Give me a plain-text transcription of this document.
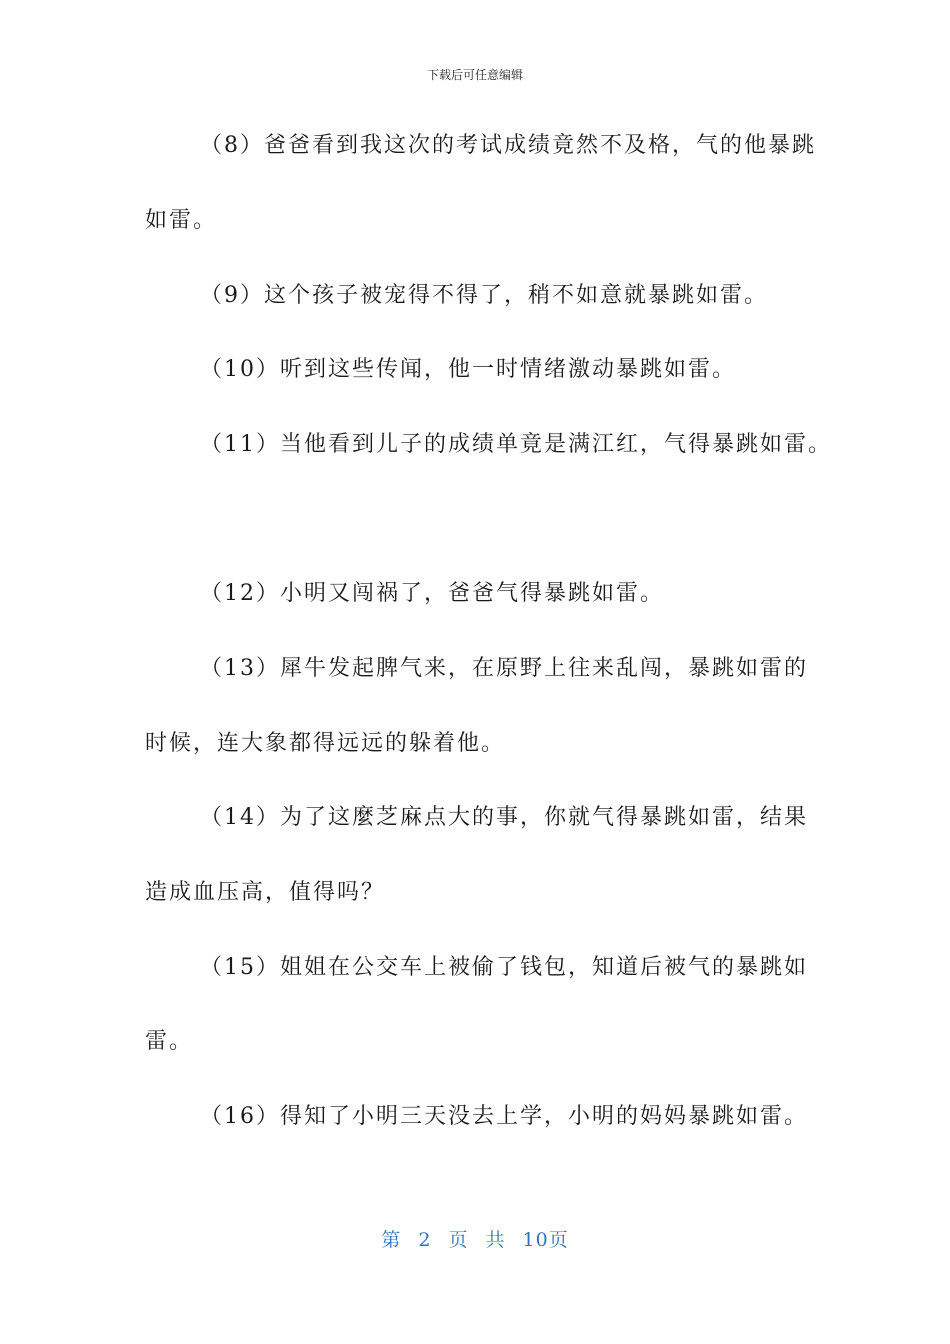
下载后可任意编辑
（8）爸爸看到我这次的考试成绩竟然不及格，气的他暴跳
如雷。
（9）这个孩子被宠得不得了，稍不如意就暴跳如雷。
（10）听到这些传闻，他一时情绪激动暴跳如雷。
（11）当他看到儿子的成绩单竟是满江红，气得暴跳如雷。
（12）小明又闯祸了，爸爸气得暴跳如雷。
（13）犀牛发起脾气来，在原野上往来乱闯，暴跳如雷的
时候，连大象都得远远的躲着他。
（14）为了这麼芝麻点大的事，你就气得暴跳如雷，结果
造成血压高，值得吗？
（15）姐姐在公交车上被偷了钱包，知道后被气的暴跳如
雷。
（16）得知了小明三天没去上学，小明的妈妈暴跳如雷。
第 2 页 共 10页
